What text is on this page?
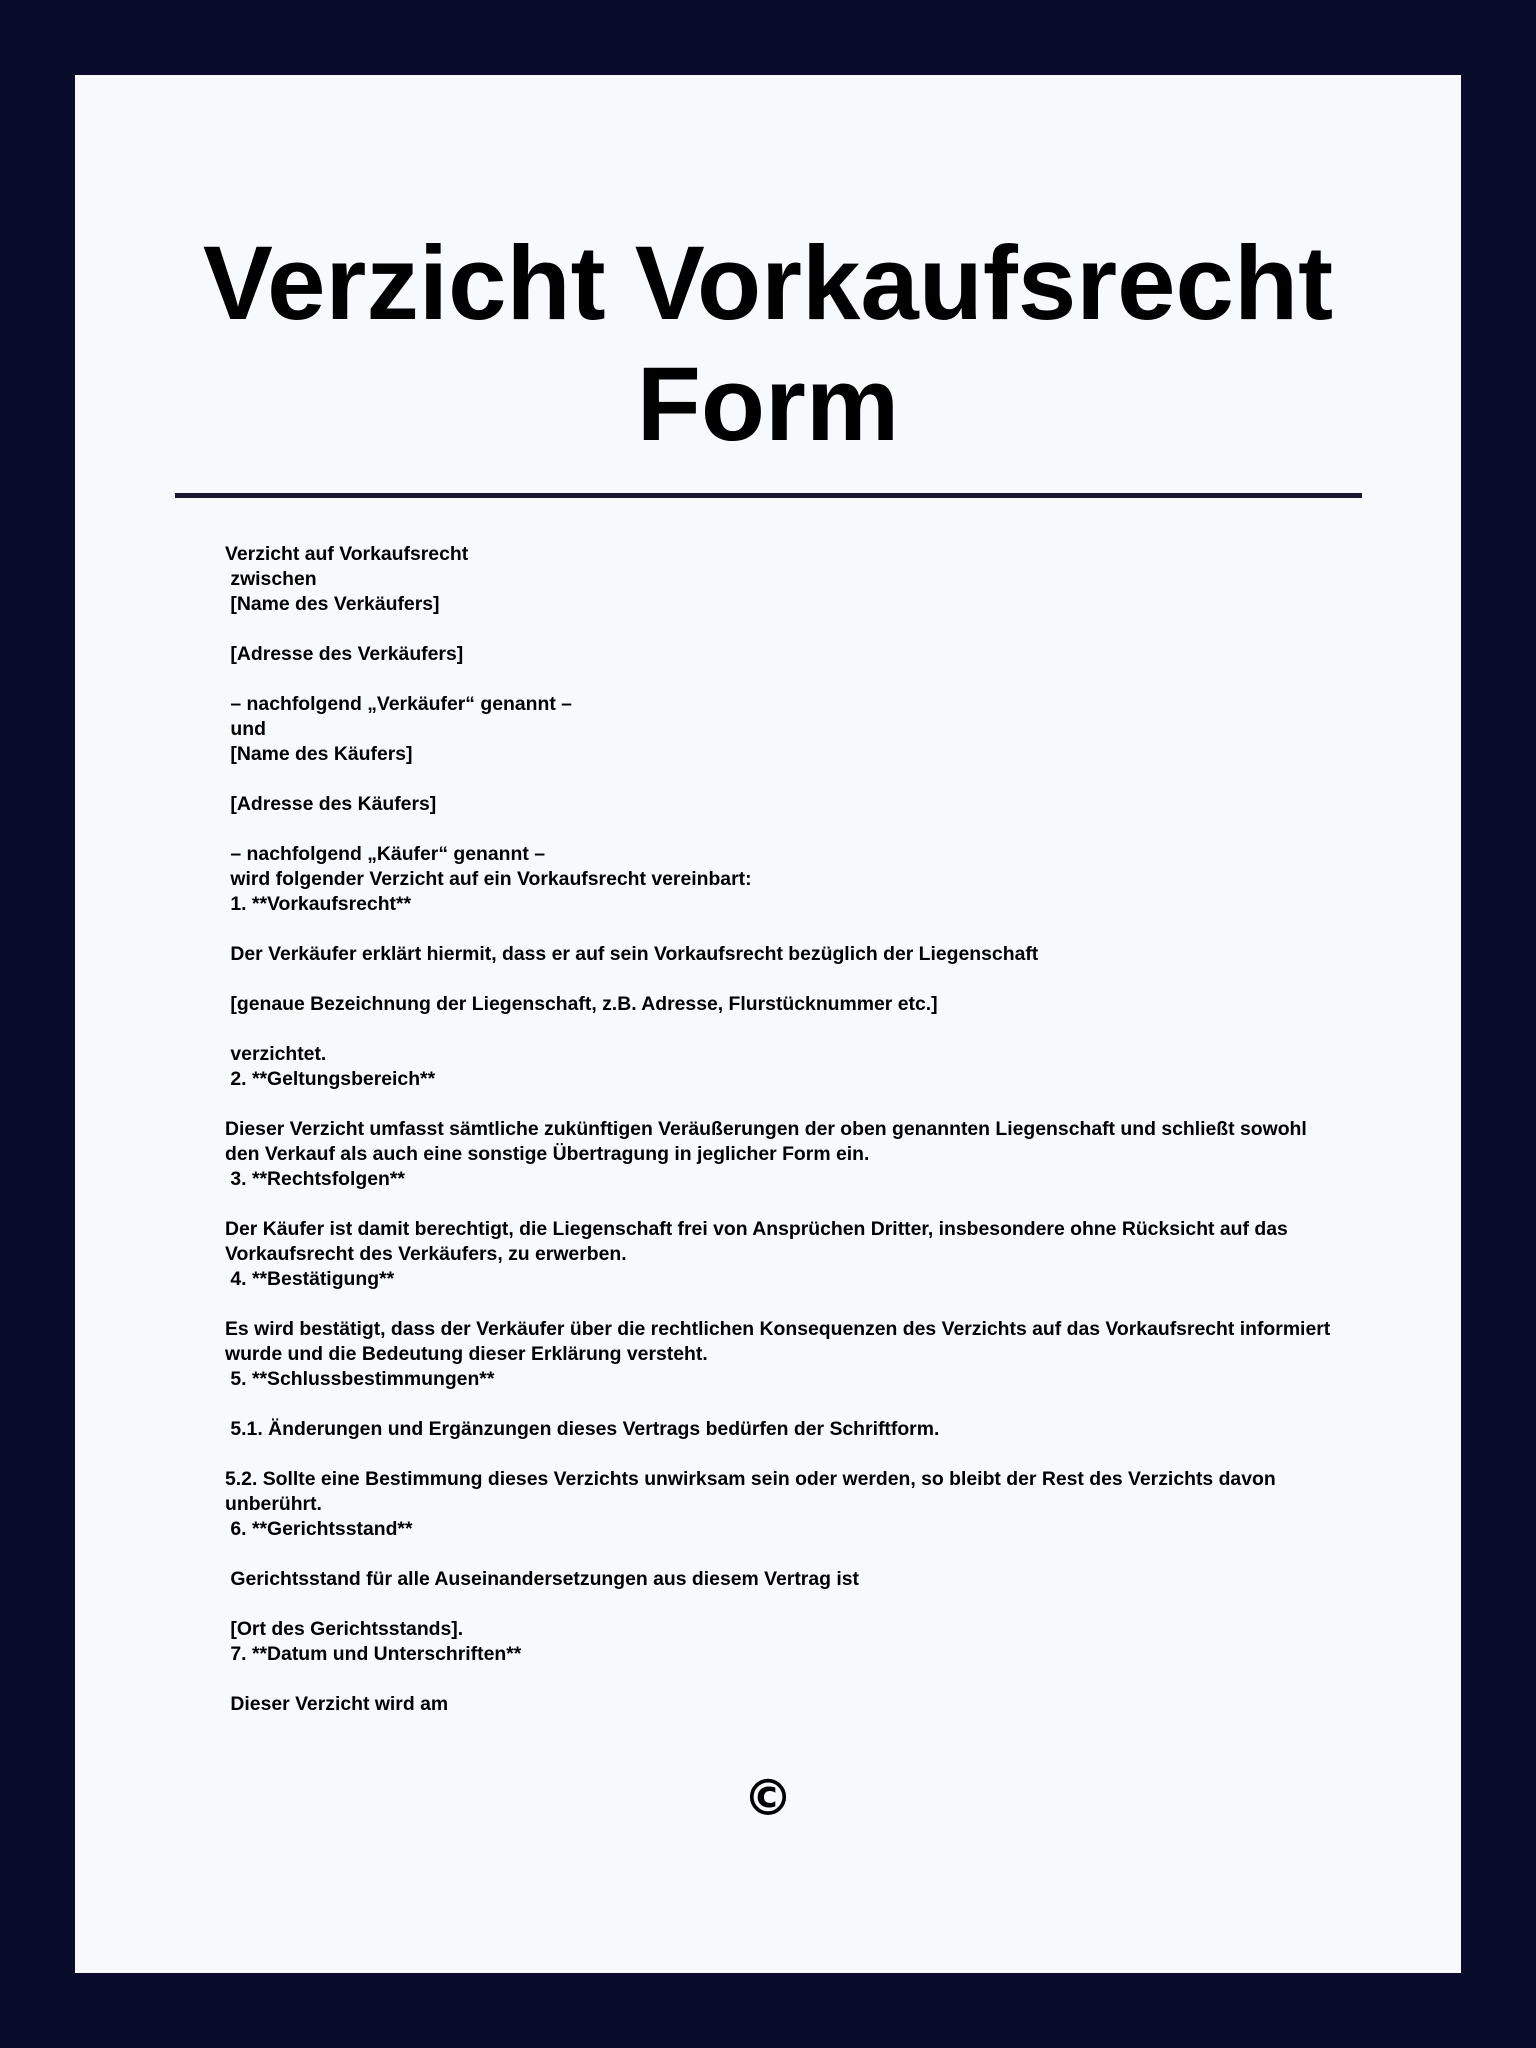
Verzicht Vorkaufsrecht Form
Verzicht auf Vorkaufsrecht
zwischen
[Name des Verkäufers]

[Adresse des Verkäufers]

– nachfolgend „Verkäufer“ genannt –
und
[Name des Käufers]

[Adresse des Käufers]

– nachfolgend „Käufer“ genannt –
wird folgender Verzicht auf ein Vorkaufsrecht vereinbart:
1. **Vorkaufsrecht**

Der Verkäufer erklärt hiermit, dass er auf sein Vorkaufsrecht bezüglich der Liegenschaft

[genaue Bezeichnung der Liegenschaft, z.B. Adresse, Flurstücknummer etc.]

verzichtet.
2. **Geltungsbereich**

Dieser Verzicht umfasst sämtliche zukünftigen Veräußerungen der oben genannten Liegenschaft und schließt sowohl den Verkauf als auch eine sonstige Übertragung in jeglicher Form ein.
3. **Rechtsfolgen**

Der Käufer ist damit berechtigt, die Liegenschaft frei von Ansprüchen Dritter, insbesondere ohne Rücksicht auf das Vorkaufsrecht des Verkäufers, zu erwerben.
4. **Bestätigung**

Es wird bestätigt, dass der Verkäufer über die rechtlichen Konsequenzen des Verzichts auf das Vorkaufsrecht informiert wurde und die Bedeutung dieser Erklärung versteht.
5. **Schlussbestimmungen**

5.1. Änderungen und Ergänzungen dieses Vertrags bedürfen der Schriftform.

5.2. Sollte eine Bestimmung dieses Verzichts unwirksam sein oder werden, so bleibt der Rest des Verzichts davon unberührt.
6. **Gerichtsstand**

Gerichtsstand für alle Auseinandersetzungen aus diesem Vertrag ist

[Ort des Gerichtsstands].
7. **Datum und Unterschriften**

Dieser Verzicht wird am
©
